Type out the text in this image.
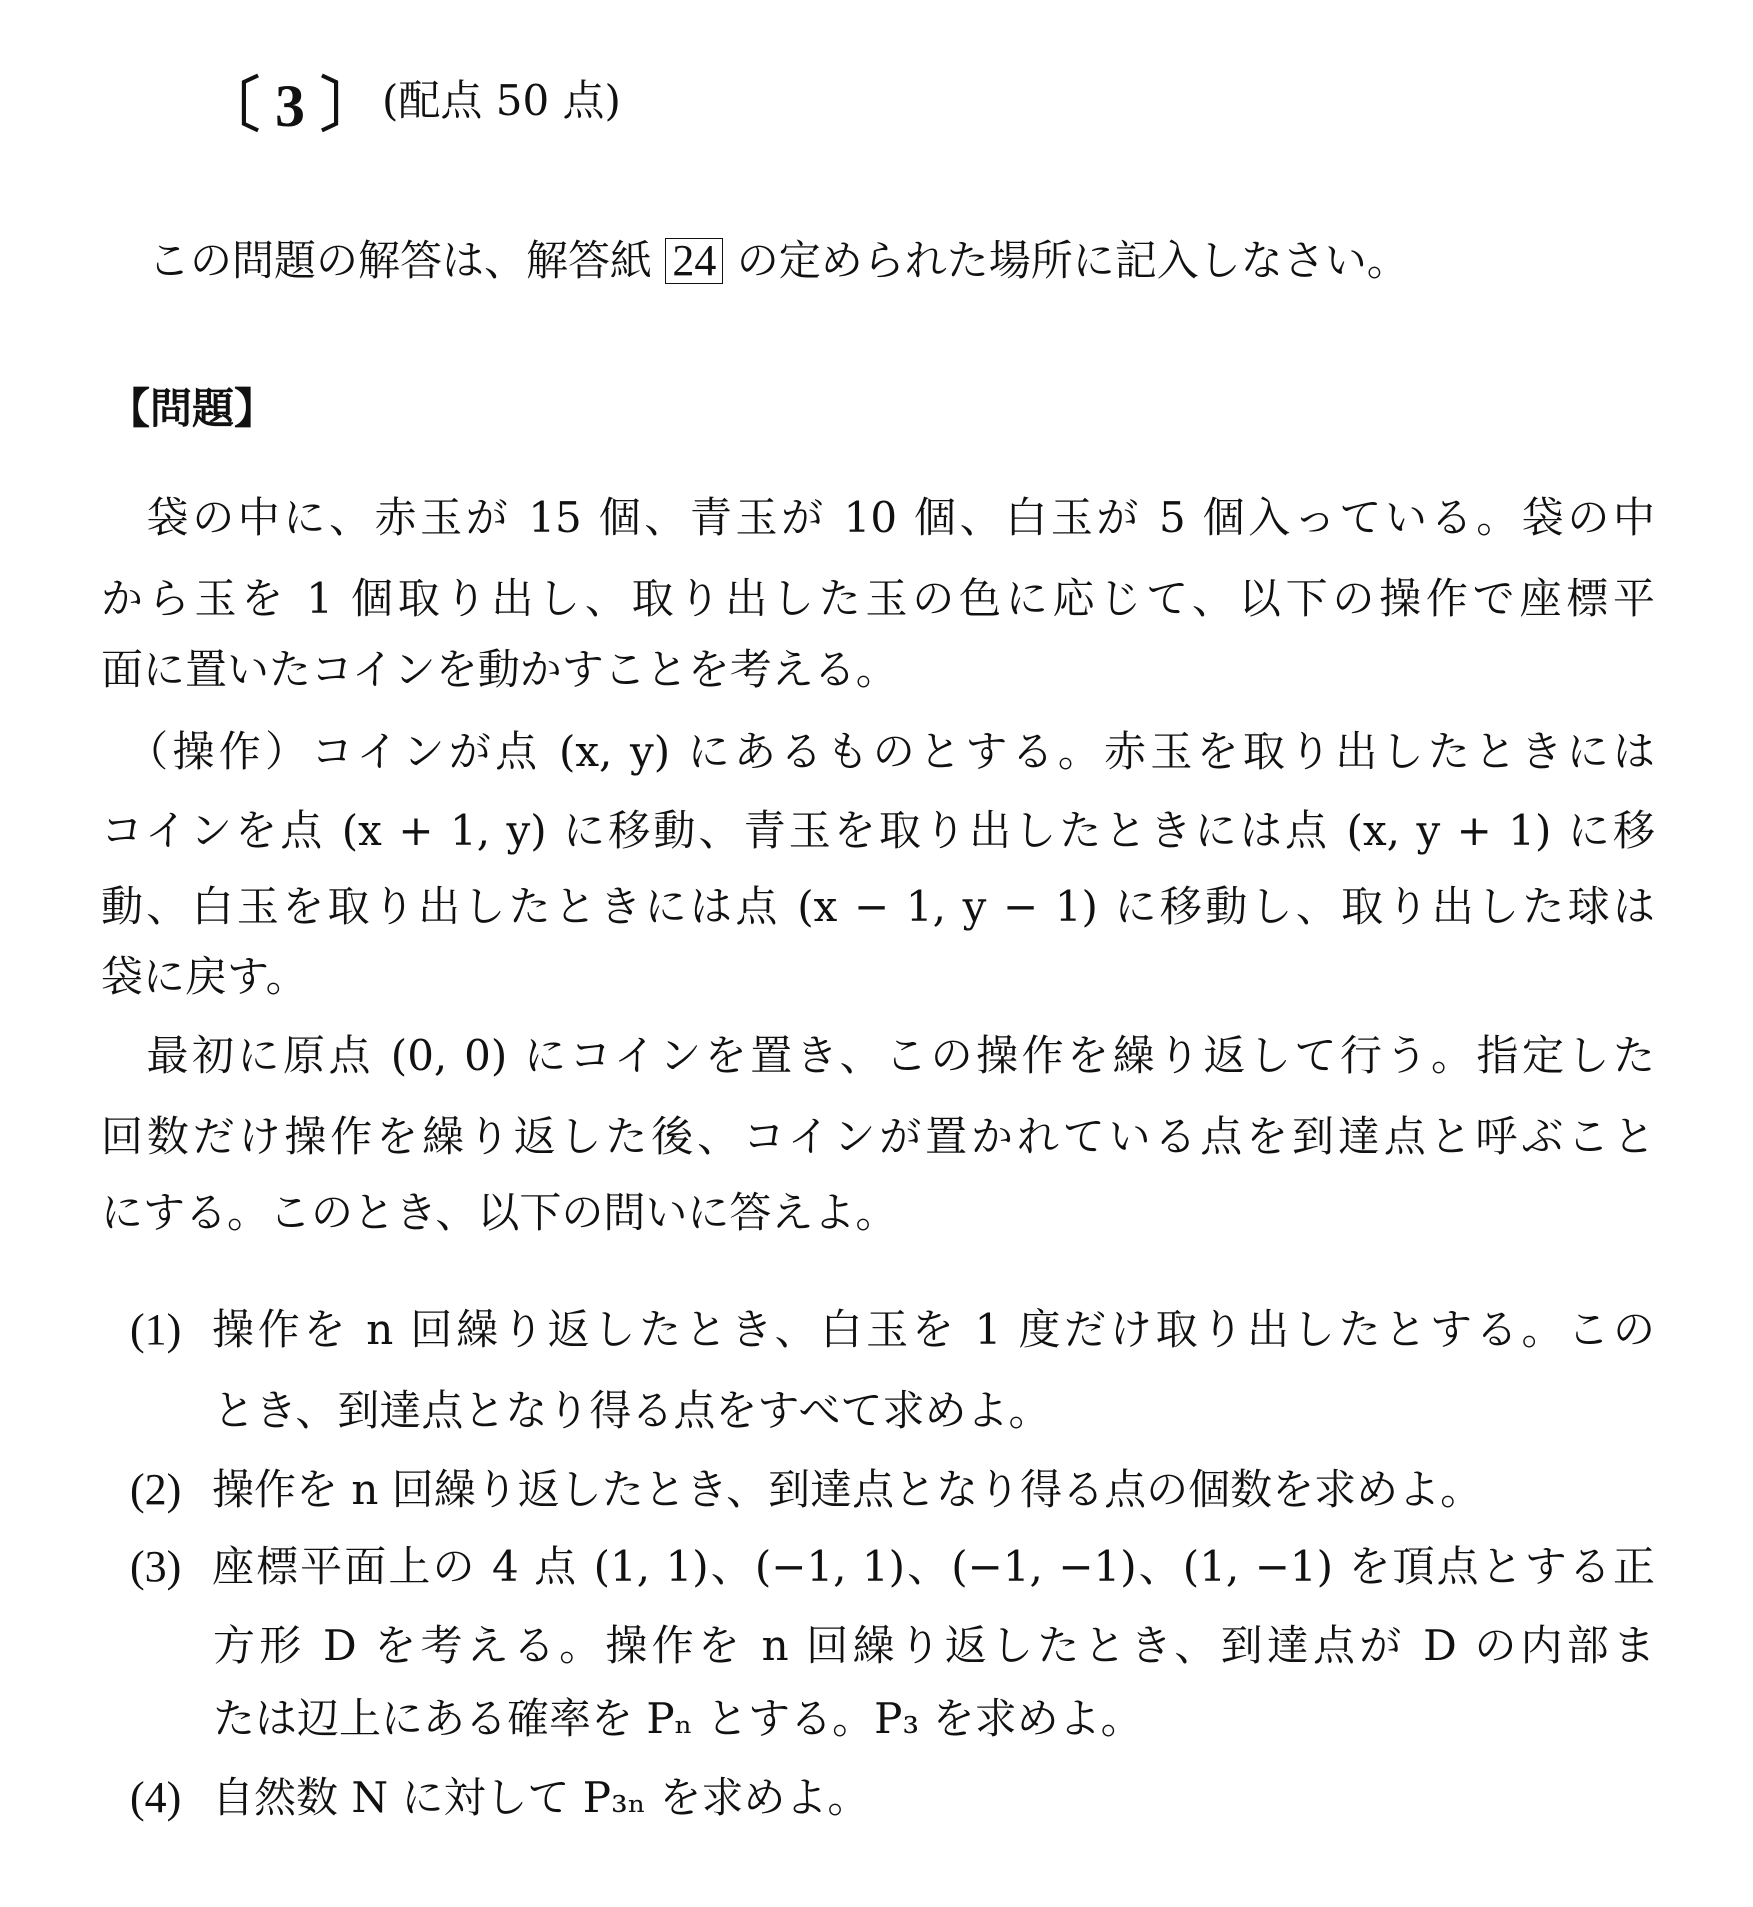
〔 3 〕 (配点 50 点)
この問題の解答は、解答紙 24 の定められた場所に記入しなさい。
【問題】
　袋の中に、赤玉が 15 個、青玉が 10 個、白玉が 5 個入っている。袋の中
から玉を 1 個取り出し、取り出した玉の色に応じて、以下の操作で座標平
面に置いたコインを動かすことを考える。
　（操作）コインが点 (x, y) にあるものとする。赤玉を取り出したときには
コインを点 (x + 1, y) に移動、青玉を取り出したときには点 (x, y + 1) に移
動、白玉を取り出したときには点 (x − 1, y − 1) に移動し、取り出した球は
袋に戻す。
　最初に原点 (0, 0) にコインを置き、この操作を繰り返して行う。指定した
回数だけ操作を繰り返した後、コインが置かれている点を到達点と呼ぶこと
にする。このとき、以下の問いに答えよ。
(1) 操作を n 回繰り返したとき、白玉を 1 度だけ取り出したとする。この
とき、到達点となり得る点をすべて求めよ。
(2) 操作を n 回繰り返したとき、到達点となり得る点の個数を求めよ。
(3) 座標平面上の 4 点 (1, 1)、(−1, 1)、(−1, −1)、(1, −1) を頂点とする正
方形 D を考える。操作を n 回繰り返したとき、到達点が D の内部ま
たは辺上にある確率を Pₙ とする。P₃ を求めよ。
(4) 自然数 N に対して P₃ₙ を求めよ。
